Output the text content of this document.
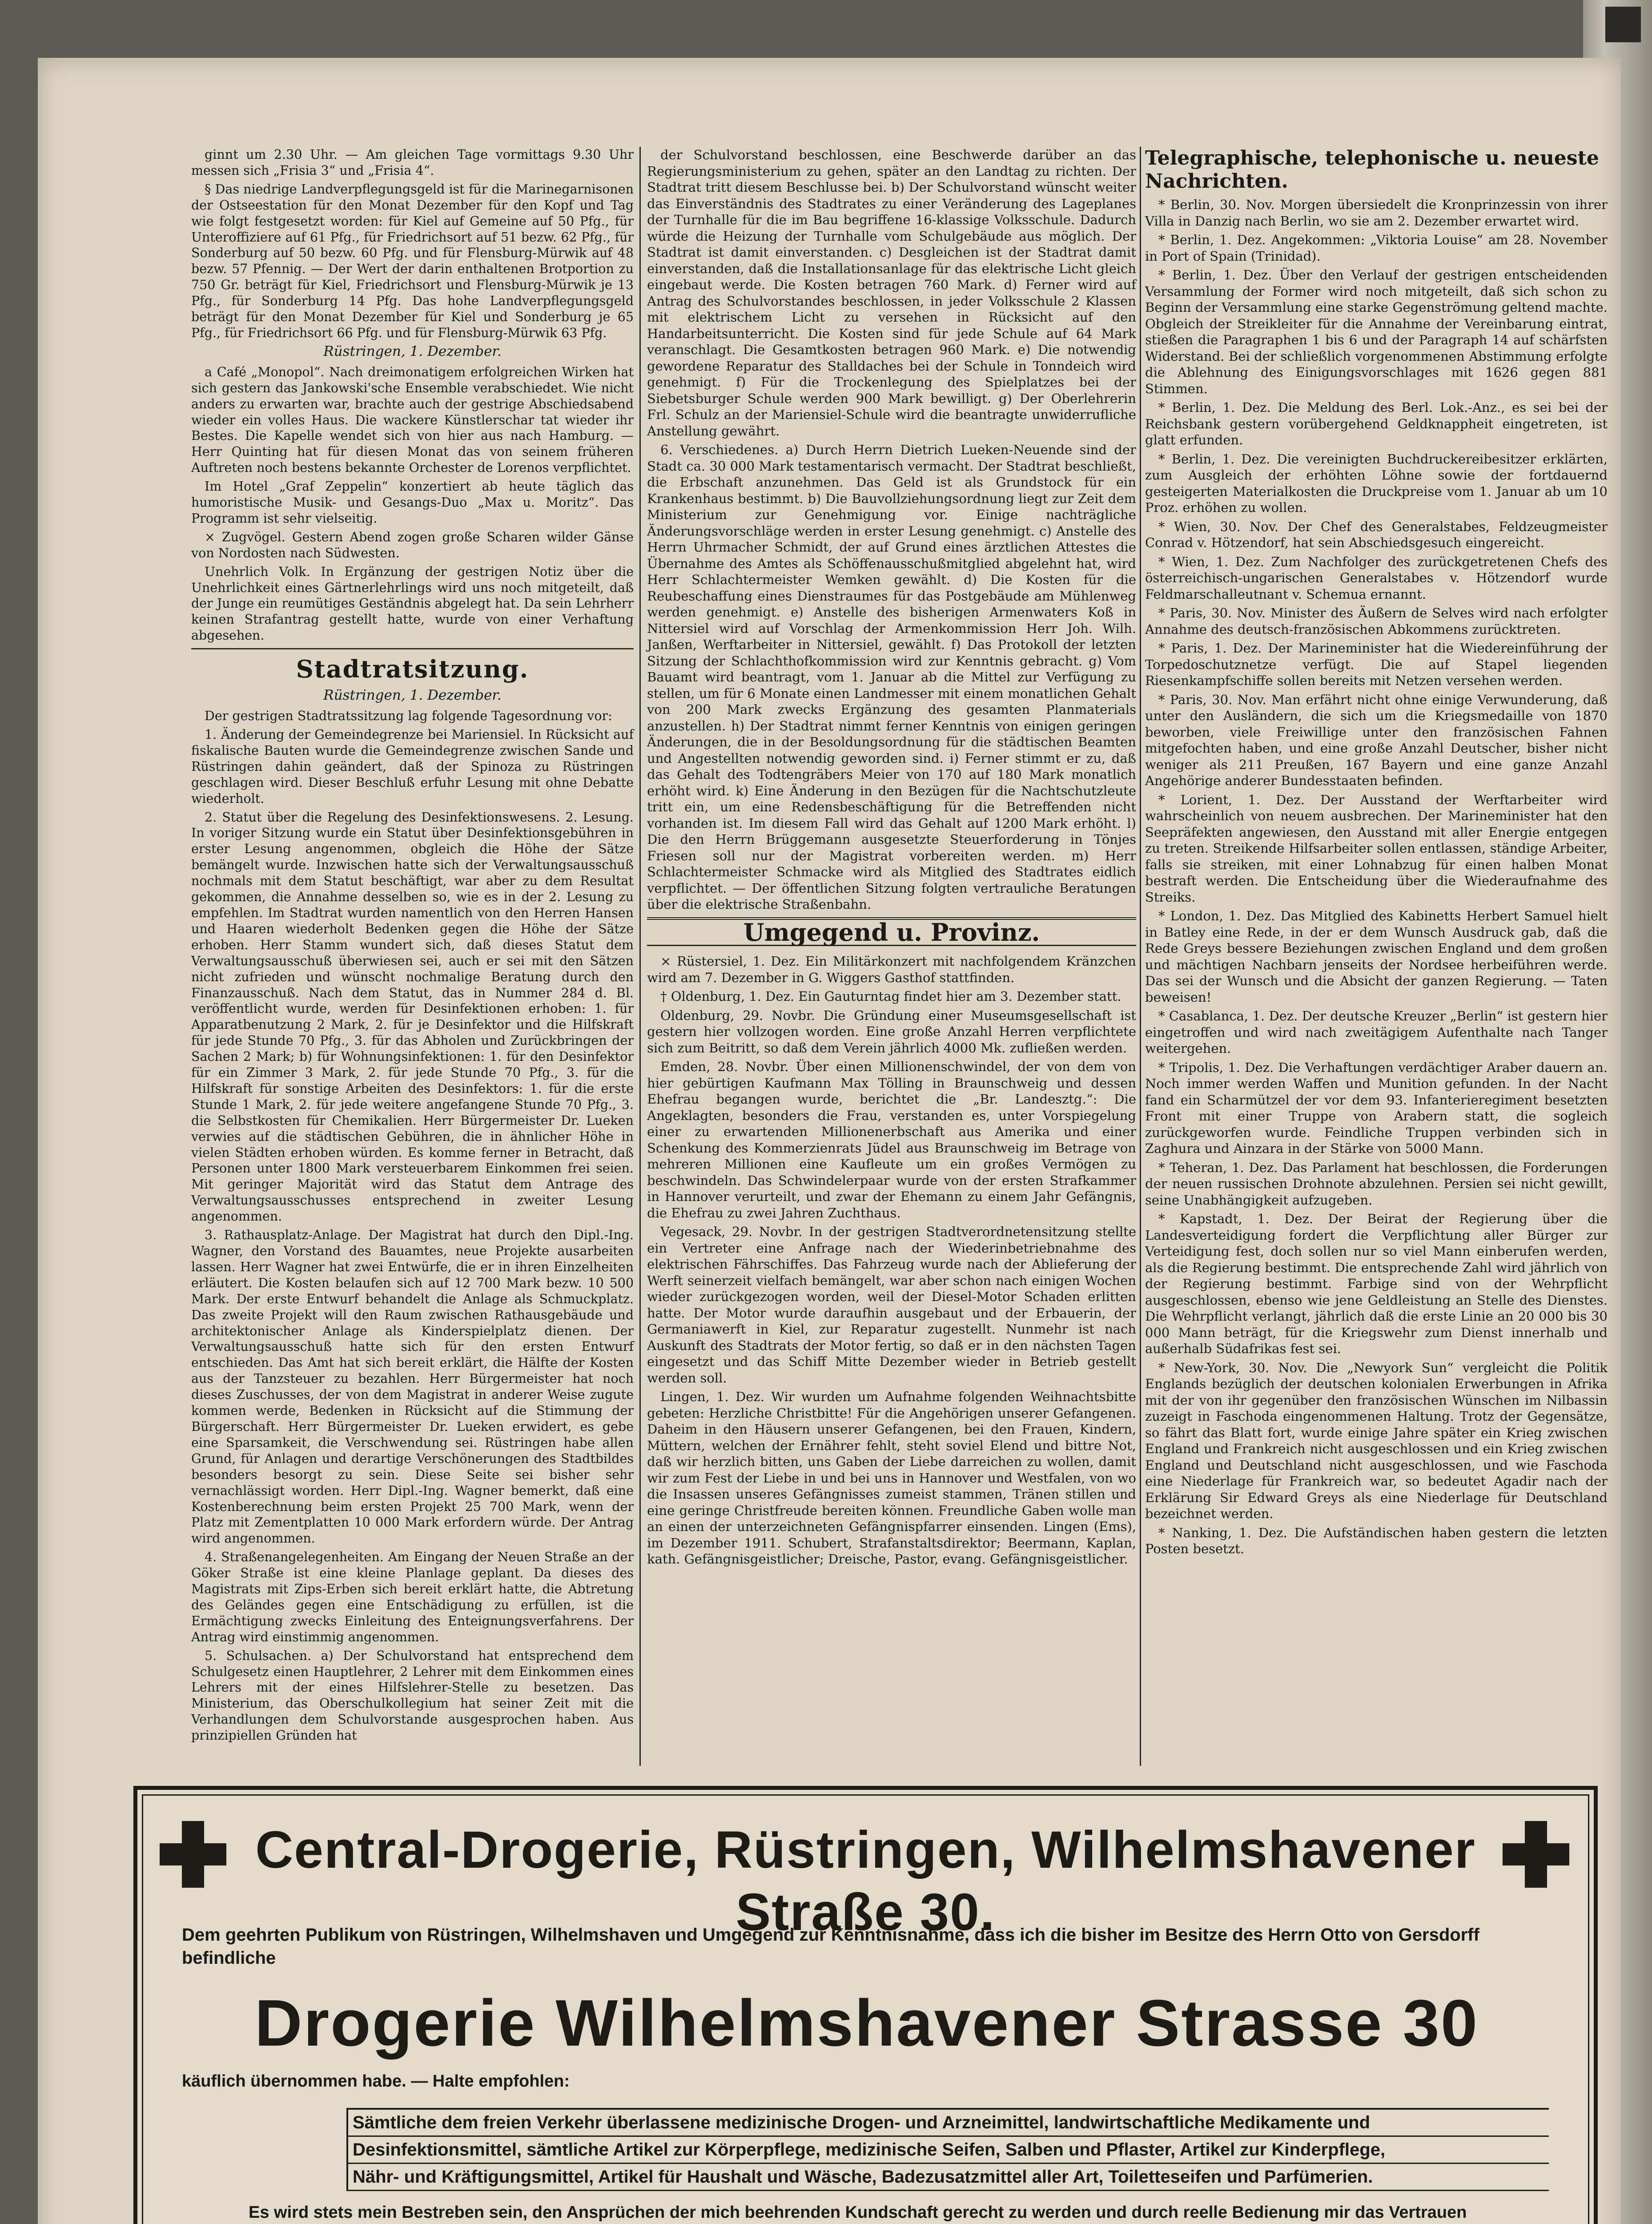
ginnt um 2.30 Uhr. — Am gleichen Tage vormittags 9.30 Uhr messen sich „Frisia 3“ und „Frisia 4“.

§ Das niedrige Landverpflegungsgeld ist für die Marinegarnisonen der Ostseestation für den Monat Dezember für den Kopf und Tag wie folgt festgesetzt worden: für Kiel auf Gemeine auf 50 Pfg., für Unteroffiziere auf 61 Pfg., für Friedrichsort auf 51 bezw. 62 Pfg., für Sonderburg auf 50 bezw. 60 Pfg. und für Flensburg-Mürwik auf 48 bezw. 57 Pfennig. — Der Wert der darin enthaltenen Brotportion zu 750 Gr. beträgt für Kiel, Friedrichsort und Flensburg-Mürwik je 13 Pfg., für Sonderburg 14 Pfg. Das hohe Landverpflegungsgeld beträgt für den Monat Dezember für Kiel und Sonderburg je 65 Pfg., für Friedrichsort 66 Pfg. und für Flensburg-Mürwik 63 Pfg.

Rüstringen, 1. Dezember.

a Café „Monopol“. Nach dreimonatigem erfolgreichen Wirken hat sich gestern das Jankowski'sche Ensemble verabschiedet. Wie nicht anders zu erwarten war, brachte auch der gestrige Abschiedsabend wieder ein volles Haus. Die wackere Künstlerschar tat wieder ihr Bestes. Die Kapelle wendet sich von hier aus nach Hamburg. — Herr Quinting hat für diesen Monat das von seinem früheren Auftreten noch bestens bekannte Orchester de Lorenos verpflichtet.

Im Hotel „Graf Zeppelin“ konzertiert ab heute täglich das humoristische Musik- und Gesangs-Duo „Max u. Moritz“. Das Programm ist sehr vielseitig.

× Zugvögel. Gestern Abend zogen große Scharen wilder Gänse von Nordosten nach Südwesten.

Unehrlich Volk. In Ergänzung der gestrigen Notiz über die Unehrlichkeit eines Gärtnerlehrlings wird uns noch mitgeteilt, daß der Junge ein reumütiges Geständnis abgelegt hat. Da sein Lehrherr keinen Strafantrag gestellt hatte, wurde von einer Verhaftung abgesehen.

Stadtratsitzung.
Rüstringen, 1. Dezember.

Der gestrigen Stadtratssitzung lag folgende Tagesordnung vor:

1. Änderung der Gemeindegrenze bei Mariensiel. In Rücksicht auf fiskalische Bauten wurde die Gemeindegrenze zwischen Sande und Rüstringen dahin geändert, daß der Spinoza zu Rüstringen geschlagen wird. Dieser Beschluß erfuhr Lesung mit ohne Debatte wiederholt.

2. Statut über die Regelung des Desinfektionswesens. 2. Lesung. In voriger Sitzung wurde ein Statut über Desinfektionsgebühren in erster Lesung angenommen, obgleich die Höhe der Sätze bemängelt wurde. Inzwischen hatte sich der Verwaltungsausschuß nochmals mit dem Statut beschäftigt, war aber zu dem Resultat gekommen, die Annahme desselben so, wie es in der 2. Lesung zu empfehlen. Im Stadtrat wurden namentlich von den Herren Hansen und Haaren wiederholt Bedenken gegen die Höhe der Sätze erhoben. Herr Stamm wundert sich, daß dieses Statut dem Verwaltungsausschuß überwiesen sei, auch er sei mit den Sätzen nicht zufrieden und wünscht nochmalige Beratung durch den Finanzausschuß. Nach dem Statut, das in Nummer 284 d. Bl. veröffentlicht wurde, werden für Desinfektionen erhoben: 1. für Apparatbenutzung 2 Mark, 2. für je Desinfektor und die Hilfskraft für jede Stunde 70 Pfg., 3. für das Abholen und Zurückbringen der Sachen 2 Mark; b) für Wohnungsinfektionen: 1. für den Desinfektor für ein Zimmer 3 Mark, 2. für jede Stunde 70 Pfg., 3. für die Hilfskraft für sonstige Arbeiten des Desinfektors: 1. für die erste Stunde 1 Mark, 2. für jede weitere angefangene Stunde 70 Pfg., 3. die Selbstkosten für Chemikalien. Herr Bürgermeister Dr. Lueken verwies auf die städtischen Gebühren, die in ähnlicher Höhe in vielen Städten erhoben würden. Es komme ferner in Betracht, daß Personen unter 1800 Mark versteuerbarem Einkommen frei seien. Mit geringer Majorität wird das Statut dem Antrage des Verwaltungsausschusses entsprechend in zweiter Lesung angenommen.

3. Rathausplatz-Anlage. Der Magistrat hat durch den Dipl.-Ing. Wagner, den Vorstand des Bauamtes, neue Projekte ausarbeiten lassen. Herr Wagner hat zwei Entwürfe, die er in ihren Einzelheiten erläutert. Die Kosten belaufen sich auf 12 700 Mark bezw. 10 500 Mark. Der erste Entwurf behandelt die Anlage als Schmuckplatz. Das zweite Projekt will den Raum zwischen Rathausgebäude und architektonischer Anlage als Kinderspielplatz dienen. Der Verwaltungsausschuß hatte sich für den ersten Entwurf entschieden. Das Amt hat sich bereit erklärt, die Hälfte der Kosten aus der Tanzsteuer zu bezahlen. Herr Bürgermeister hat noch dieses Zuschusses, der von dem Magistrat in anderer Weise zugute kommen werde, Bedenken in Rücksicht auf die Stimmung der Bürgerschaft. Herr Bürgermeister Dr. Lueken erwidert, es gebe eine Sparsamkeit, die Verschwendung sei. Rüstringen habe allen Grund, für Anlagen und derartige Verschönerungen des Stadtbildes besonders besorgt zu sein. Diese Seite sei bisher sehr vernachlässigt worden. Herr Dipl.-Ing. Wagner bemerkt, daß eine Kostenberechnung beim ersten Projekt 25 700 Mark, wenn der Platz mit Zementplatten 10 000 Mark erfordern würde. Der Antrag wird angenommen.

4. Straßenangelegenheiten. Am Eingang der Neuen Straße an der Göker Straße ist eine kleine Planlage geplant. Da dieses des Magistrats mit Zips-Erben sich bereit erklärt hatte, die Abtretung des Geländes gegen eine Entschädigung zu erfüllen, ist die Ermächtigung zwecks Einleitung des Enteignungsverfahrens. Der Antrag wird einstimmig angenommen.

5. Schulsachen. a) Der Schulvorstand hat entsprechend dem Schulgesetz einen Hauptlehrer, 2 Lehrer mit dem Einkommen eines Lehrers mit der eines Hilfslehrer-Stelle zu besetzen. Das Ministerium, das Oberschulkollegium hat seiner Zeit mit die Verhandlungen dem Schulvorstande ausgesprochen haben. Aus prinzipiellen Gründen hat

der Schulvorstand beschlossen, eine Beschwerde darüber an das Regierungsministerium zu gehen, später an den Landtag zu richten. Der Stadtrat tritt diesem Beschlusse bei. b) Der Schulvorstand wünscht weiter das Einverständnis des Stadtrates zu einer Veränderung des Lageplanes der Turnhalle für die im Bau begriffene 16-klassige Volksschule. Dadurch würde die Heizung der Turnhalle vom Schulgebäude aus möglich. Der Stadtrat ist damit einverstanden. c) Desgleichen ist der Stadtrat damit einverstanden, daß die Installationsanlage für das elektrische Licht gleich eingebaut werde. Die Kosten betragen 760 Mark. d) Ferner wird auf Antrag des Schulvorstandes beschlossen, in jeder Volksschule 2 Klassen mit elektrischem Licht zu versehen in Rücksicht auf den Handarbeitsunterricht. Die Kosten sind für jede Schule auf 64 Mark veranschlagt. Die Gesamtkosten betragen 960 Mark. e) Die notwendig gewordene Reparatur des Stalldaches bei der Schule in Tonndeich wird genehmigt. f) Für die Trockenlegung des Spielplatzes bei der Siebetsburger Schule werden 900 Mark bewilligt. g) Der Oberlehrerin Frl. Schulz an der Mariensiel-Schule wird die beantragte unwiderrufliche Anstellung gewährt.

6. Verschiedenes. a) Durch Herrn Dietrich Lueken-Neuende sind der Stadt ca. 30 000 Mark testamentarisch vermacht. Der Stadtrat beschließt, die Erbschaft anzunehmen. Das Geld ist als Grundstock für ein Krankenhaus bestimmt. b) Die Bauvollziehungsordnung liegt zur Zeit dem Ministerium zur Genehmigung vor. Einige nachträgliche Änderungsvorschläge werden in erster Lesung genehmigt. c) Anstelle des Herrn Uhrmacher Schmidt, der auf Grund eines ärztlichen Attestes die Übernahme des Amtes als Schöffenausschußmitglied abgelehnt hat, wird Herr Schlachtermeister Wemken gewählt. d) Die Kosten für die Reubeschaffung eines Dienstraumes für das Postgebäude am Mühlenweg werden genehmigt. e) Anstelle des bisherigen Armenwaters Koß in Nittersiel wird auf Vorschlag der Armenkommission Herr Joh. Wilh. Janßen, Werftarbeiter in Nittersiel, gewählt. f) Das Protokoll der letzten Sitzung der Schlachthofkommission wird zur Kenntnis gebracht. g) Vom Bauamt wird beantragt, vom 1. Januar ab die Mittel zur Verfügung zu stellen, um für 6 Monate einen Landmesser mit einem monatlichen Gehalt von 200 Mark zwecks Ergänzung des gesamten Planmaterials anzustellen. h) Der Stadtrat nimmt ferner Kenntnis von einigen geringen Änderungen, die in der Besoldungsordnung für die städtischen Beamten und Angestellten notwendig geworden sind. i) Ferner stimmt er zu, daß das Gehalt des Todtengräbers Meier von 170 auf 180 Mark monatlich erhöht wird. k) Eine Änderung in den Bezügen für die Nachtschutzleute tritt ein, um eine Redensbeschäftigung für die Betreffenden nicht vorhanden ist. Im diesem Fall wird das Gehalt auf 1200 Mark erhöht. l) Die den Herrn Brüggemann ausgesetzte Steuerforderung in Tönjes Friesen soll nur der Magistrat vorbereiten werden. m) Herr Schlachtermeister Schmacke wird als Mitglied des Stadtrates eidlich verpflichtet. — Der öffentlichen Sitzung folgten vertrauliche Beratungen über die elektrische Straßenbahn.

Umgegend u. Provinz.

× Rüstersiel, 1. Dez. Ein Militärkonzert mit nachfolgendem Kränzchen wird am 7. Dezember in G. Wiggers Gasthof stattfinden.

† Oldenburg, 1. Dez. Ein Gauturntag findet hier am 3. Dezember statt.

Oldenburg, 29. Novbr. Die Gründung einer Museumsgesellschaft ist gestern hier vollzogen worden. Eine große Anzahl Herren verpflichtete sich zum Beitritt, so daß dem Verein jährlich 4000 Mk. zufließen werden.

Emden, 28. Novbr. Über einen Millionenschwindel, der von dem von hier gebürtigen Kaufmann Max Tölling in Braunschweig und dessen Ehefrau begangen wurde, berichtet die „Br. Landesztg.“: Die Angeklagten, besonders die Frau, verstanden es, unter Vorspiegelung einer zu erwartenden Millionenerbschaft aus Amerika und einer Schenkung des Kommerzienrats Jüdel aus Braunschweig im Betrage von mehreren Millionen eine Kaufleute um ein großes Vermögen zu beschwindeln. Das Schwindelerpaar wurde von der ersten Strafkammer in Hannover verurteilt, und zwar der Ehemann zu einem Jahr Gefängnis, die Ehefrau zu zwei Jahren Zuchthaus.

Vegesack, 29. Novbr. In der gestrigen Stadtverordnetensitzung stellte ein Vertreter eine Anfrage nach der Wiederinbetriebnahme des elektrischen Fährschiffes. Das Fahrzeug wurde nach der Ablieferung der Werft seinerzeit vielfach bemängelt, war aber schon nach einigen Wochen wieder zurückgezogen worden, weil der Diesel-Motor Schaden erlitten hatte. Der Motor wurde daraufhin ausgebaut und der Erbauerin, der Germaniawerft in Kiel, zur Reparatur zugestellt. Nunmehr ist nach Auskunft des Stadtrats der Motor fertig, so daß er in den nächsten Tagen eingesetzt und das Schiff Mitte Dezember wieder in Betrieb gestellt werden soll.

Lingen, 1. Dez. Wir wurden um Aufnahme folgenden Weihnachtsbitte gebeten: Herzliche Christbitte! Für die Angehörigen unserer Gefangenen. Daheim in den Häusern unserer Gefangenen, bei den Frauen, Kindern, Müttern, welchen der Ernährer fehlt, steht soviel Elend und bittre Not, daß wir herzlich bitten, uns Gaben der Liebe darreichen zu wollen, damit wir zum Fest der Liebe in und bei uns in Hannover und Westfalen, von wo die Insassen unseres Gefängnisses zumeist stammen, Tränen stillen und eine geringe Christfreude bereiten können. Freundliche Gaben wolle man an einen der unterzeichneten Gefängnispfarrer einsenden. Lingen (Ems), im Dezember 1911. Schubert, Strafanstaltsdirektor; Beermann, Kaplan, kath. Gefängnisgeistlicher; Dreische, Pastor, evang. Gefängnisgeistlicher.

Telegraphische, telephonische u. neueste Nachrichten.

* Berlin, 30. Nov. Morgen übersiedelt die Kronprinzessin von ihrer Villa in Danzig nach Berlin, wo sie am 2. Dezember erwartet wird.

* Berlin, 1. Dez. Angekommen: „Viktoria Louise“ am 28. November in Port of Spain (Trinidad).

* Berlin, 1. Dez. Über den Verlauf der gestrigen entscheidenden Versammlung der Former wird noch mitgeteilt, daß sich schon zu Beginn der Versammlung eine starke Gegenströmung geltend machte. Obgleich der Streikleiter für die Annahme der Vereinbarung eintrat, stießen die Paragraphen 1 bis 6 und der Paragraph 14 auf schärfsten Widerstand. Bei der schließlich vorgenommenen Abstimmung erfolgte die Ablehnung des Einigungsvorschlages mit 1626 gegen 881 Stimmen.

* Berlin, 1. Dez. Die Meldung des Berl. Lok.-Anz., es sei bei der Reichsbank gestern vorübergehend Geldknappheit eingetreten, ist glatt erfunden.

* Berlin, 1. Dez. Die vereinigten Buchdruckereibesitzer erklärten, zum Ausgleich der erhöhten Löhne sowie der fortdauernd gesteigerten Materialkosten die Druckpreise vom 1. Januar ab um 10 Proz. erhöhen zu wollen.

* Wien, 30. Nov. Der Chef des Generalstabes, Feldzeugmeister Conrad v. Hötzendorf, hat sein Abschiedsgesuch eingereicht.

* Wien, 1. Dez. Zum Nachfolger des zurückgetretenen Chefs des österreichisch-ungarischen Generalstabes v. Hötzendorf wurde Feldmarschalleutnant v. Schemua ernannt.

* Paris, 30. Nov. Minister des Äußern de Selves wird nach erfolgter Annahme des deutsch-französischen Abkommens zurücktreten.

* Paris, 1. Dez. Der Marineminister hat die Wiedereinführung der Torpedoschutznetze verfügt. Die auf Stapel liegenden Riesenkampfschiffe sollen bereits mit Netzen versehen werden.

* Paris, 30. Nov. Man erfährt nicht ohne einige Verwunderung, daß unter den Ausländern, die sich um die Kriegsmedaille von 1870 beworben, viele Freiwillige unter den französischen Fahnen mitgefochten haben, und eine große Anzahl Deutscher, bisher nicht weniger als 211 Preußen, 167 Bayern und eine ganze Anzahl Angehörige anderer Bundesstaaten befinden.

* Lorient, 1. Dez. Der Ausstand der Werftarbeiter wird wahrscheinlich von neuem ausbrechen. Der Marineminister hat den Seepräfekten angewiesen, den Ausstand mit aller Energie entgegen zu treten. Streikende Hilfsarbeiter sollen entlassen, ständige Arbeiter, falls sie streiken, mit einer Lohnabzug für einen halben Monat bestraft werden. Die Entscheidung über die Wiederaufnahme des Streiks.

* London, 1. Dez. Das Mitglied des Kabinetts Herbert Samuel hielt in Batley eine Rede, in der er dem Wunsch Ausdruck gab, daß die Rede Greys bessere Beziehungen zwischen England und dem großen und mächtigen Nachbarn jenseits der Nordsee herbeiführen werde. Das sei der Wunsch und die Absicht der ganzen Regierung. — Taten beweisen!

* Casablanca, 1. Dez. Der deutsche Kreuzer „Berlin“ ist gestern hier eingetroffen und wird nach zweitägigem Aufenthalte nach Tanger weitergehen.

* Tripolis, 1. Dez. Die Verhaftungen verdächtiger Araber dauern an. Noch immer werden Waffen und Munition gefunden. In der Nacht fand ein Scharmützel der vor dem 93. Infanterieregiment besetzten Front mit einer Truppe von Arabern statt, die sogleich zurückgeworfen wurde. Feindliche Truppen verbinden sich in Zaghura und Ainzara in der Stärke von 5000 Mann.

* Teheran, 1. Dez. Das Parlament hat beschlossen, die Forderungen der neuen russischen Drohnote abzulehnen. Persien sei nicht gewillt, seine Unabhängigkeit aufzugeben.

* Kapstadt, 1. Dez. Der Beirat der Regierung über die Landesverteidigung fordert die Verpflichtung aller Bürger zur Verteidigung fest, doch sollen nur so viel Mann einberufen werden, als die Regierung bestimmt. Die entsprechende Zahl wird jährlich von der Regierung bestimmt. Farbige sind von der Wehrpflicht ausgeschlossen, ebenso wie jene Geldleistung an Stelle des Dienstes. Die Wehrpflicht verlangt, jährlich daß die erste Linie an 20 000 bis 30 000 Mann beträgt, für die Kriegswehr zum Dienst innerhalb und außerhalb Südafrikas fest sei.

* New-York, 30. Nov. Die „Newyork Sun“ vergleicht die Politik Englands bezüglich der deutschen kolonialen Erwerbungen in Afrika mit der von ihr gegenüber den französischen Wünschen im Nilbassin zuzeigt in Faschoda eingenommenen Haltung. Trotz der Gegensätze, so fährt das Blatt fort, wurde einige Jahre später ein Krieg zwischen England und Frankreich nicht ausgeschlossen und ein Krieg zwischen England und Deutschland nicht ausgeschlossen, und wie Faschoda eine Niederlage für Frankreich war, so bedeutet Agadir nach der Erklärung Sir Edward Greys als eine Niederlage für Deutschland bezeichnet werden.

* Nanking, 1. Dez. Die Aufständischen haben gestern die letzten Posten besetzt.

Central-Drogerie, Rüstringen, Wilhelmshavener Straße 30.
Dem geehrten Publikum von Rüstringen, Wilhelmshaven und Umgegend zur Kenntnisnahme, dass ich die bisher im Besitze des Herrn Otto von Gersdorff befindliche
Drogerie Wilhelmshavener Strasse 30
käuflich übernommen habe. — Halte empfohlen:
Sämtliche dem freien Verkehr überlassene medizinische Drogen- und Arzneimittel, landwirtschaftliche Medikamente und
Desinfektionsmittel, sämtliche Artikel zur Körperpflege, medizinische Seifen, Salben und Pflaster, Artikel zur Kinderpflege,
Nähr- und Kräftigungsmittel, Artikel für Haushalt und Wäsche, Badezusatzmittel aller Art, Toiletteseifen und Parfümerien.
Es wird stets mein Bestreben sein, den Ansprüchen der mich beehrenden Kundschaft gerecht zu werden und durch reelle Bedienung mir das Vertrauen
